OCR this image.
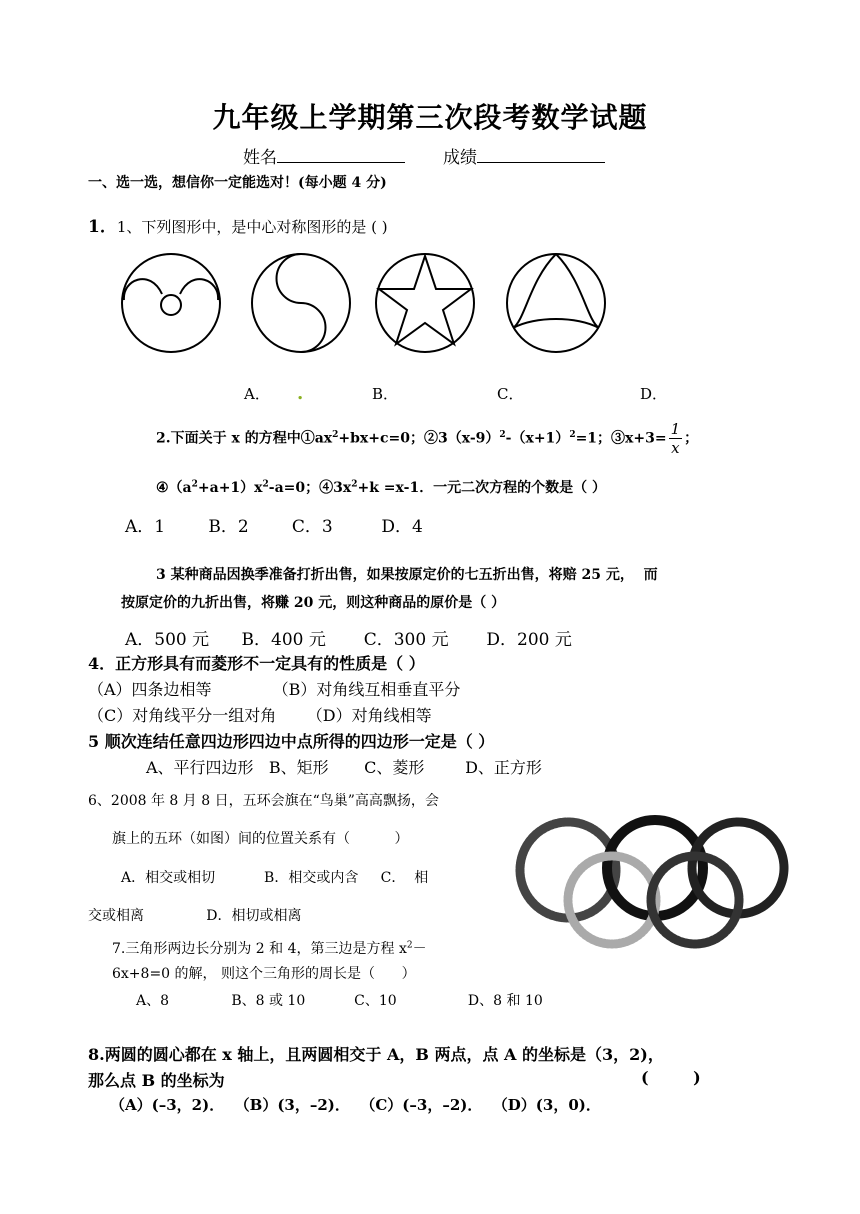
九年级上学期第三次段考数学试题
姓名	成绩
一、选一选，想信你一定能选对！(每小题 4 分)
1．1、下列图形中，是中心对称图形的是 ( )
A． .	B．	C．	D．
2.下面关于 x 的方程中$①ax^2+bx+c=0$；$②3(x-9)^2-(x+1)^2=1$；③x+3= $\frac{1}{x}$ ；
$④(a^2+a+1)x^2-a=0$；$④3x^2+k =x-1$．一元二次方程的个数是（ ）
A．1        B．2        C．3         D．4
3 某种商品因换季准备打折出售，如果按原定价的七五折出售，将赔 25 元，  而
按原定价的九折出售，将赚 20 元，则这种商品的原价是（ ）
A．500 元      B．400 元       C．300 元       D．200 元
4．正方形具有而菱形不一定具有的性质是（ ）
（A）四条边相等            （B）对角线互相垂直平分
（C）对角线平分一组对角      （D）对角线相等
5 顺次连结任意四边形四边中点所得的四边形一定是（ ）
A、平行四边形   B、矩形       C、菱形        D、正方形
6、2008 年 8 月 8 日，五环会旗在“鸟巢”高高飘扬，会
旗上的五环（如图）间的位置关系有（          ）
A．相交或相切           B．相交或内含     C．  相
交或相离              D．相切或相离
7.三角形两边长分别为 2 和 4，第三边是方程 $x^2-$
6x+8=0 的解， 则这个三角形的周长是（      ）
A、8              B、8 或 10           C、10                D、8 和 10
8.两圆的圆心都在 x 轴上，且两圆相交于 A，B 两点，点 A 的坐标是（3，2)，
那么点 B 的坐标为	(        )
（A）(–3，2)．  （B）(3，–2)．  （C）(–3，–2)．  （D）(3，0)．
